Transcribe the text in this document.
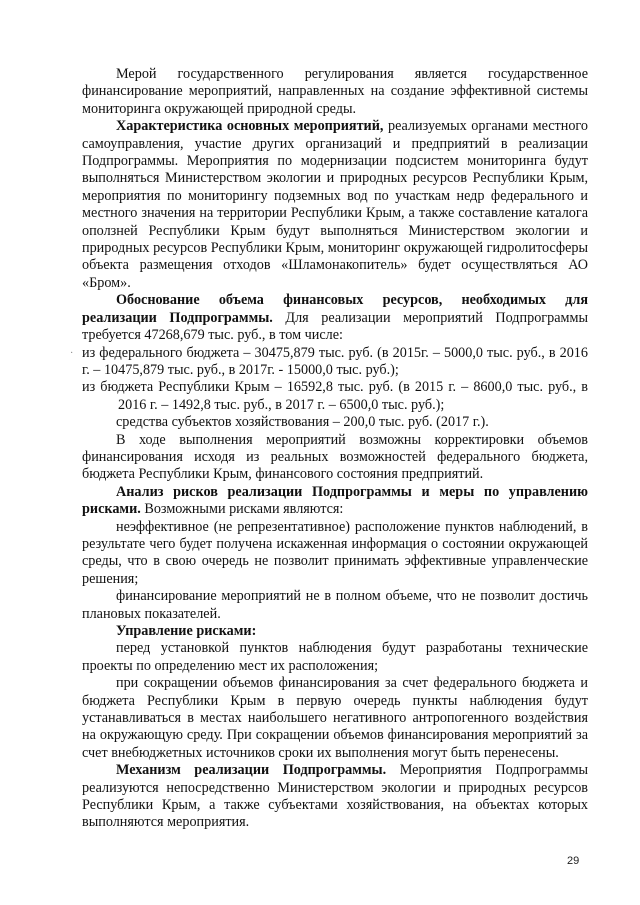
Мерой государственного регулирования является государственное финансирование мероприятий, направленных на создание эффективной системы мониторинга окружающей природной среды.

Характеристика основных мероприятий, реализуемых органами местного самоуправления, участие других организаций и предприятий в реализации Подпрограммы. Мероприятия по модернизации подсистем мониторинга будут выполняться Министерством экологии и природных ресурсов Республики Крым, мероприятия по мониторингу подземных вод по участкам недр федерального и местного значения на территории Республики Крым, а также составление каталога оползней Республики Крым будут выполняться Министерством экологии и природных ресурсов Республики Крым, мониторинг окружающей гидролитосферы объекта размещения отходов «Шламонакопитель» будет осуществляться АО «Бром».

Обоснование объема финансовых ресурсов, необходимых для реализации Подпрограммы. Для реализации мероприятий Подпрограммы требуется 47268,679 тыс. руб., в том числе:

из федерального бюджета – 30475,879 тыс. руб. (в 2015г. – 5000,0 тыс. руб., в 2016 г. – 10475,879 тыс. руб., в 2017г. - 15000,0 тыс. руб.);

из бюджета Республики Крым – 16592,8 тыс. руб. (в 2015 г. – 8600,0 тыс. руб., в 2016 г. – 1492,8 тыс. руб., в 2017 г. – 6500,0 тыс. руб.);

средства субъектов хозяйствования – 200,0 тыс. руб. (2017 г.).

В ходе выполнения мероприятий возможны корректировки объемов финансирования исходя из реальных возможностей федерального бюджета, бюджета Республики Крым, финансового состояния предприятий.

Анализ рисков реализации Подпрограммы и меры по управлению рисками. Возможными рисками являются:

неэффективное (не репрезентативное) расположение пунктов наблюдений, в результате чего будет получена искаженная информация о состоянии окружающей среды, что в свою очередь не позволит принимать эффективные управленческие решения;

финансирование мероприятий не в полном объеме, что не позволит достичь плановых показателей.

Управление рисками:

перед установкой пунктов наблюдения будут разработаны технические проекты по определению мест их расположения;

при сокращении объемов финансирования за счет федерального бюджета и бюджета Республики Крым в первую очередь пункты наблюдения будут устанавливаться в местах наибольшего негативного антропогенного воздействия на окружающую среду. При сокращении объемов финансирования мероприятий за счет внебюджетных источников сроки их выполнения могут быть перенесены.

Механизм реализации Подпрограммы. Мероприятия Подпрограммы реализуются непосредственно Министерством экологии и природных ресурсов Республики Крым, а также субъектами хозяйствования, на объектах которых выполняются мероприятия.

·
29
